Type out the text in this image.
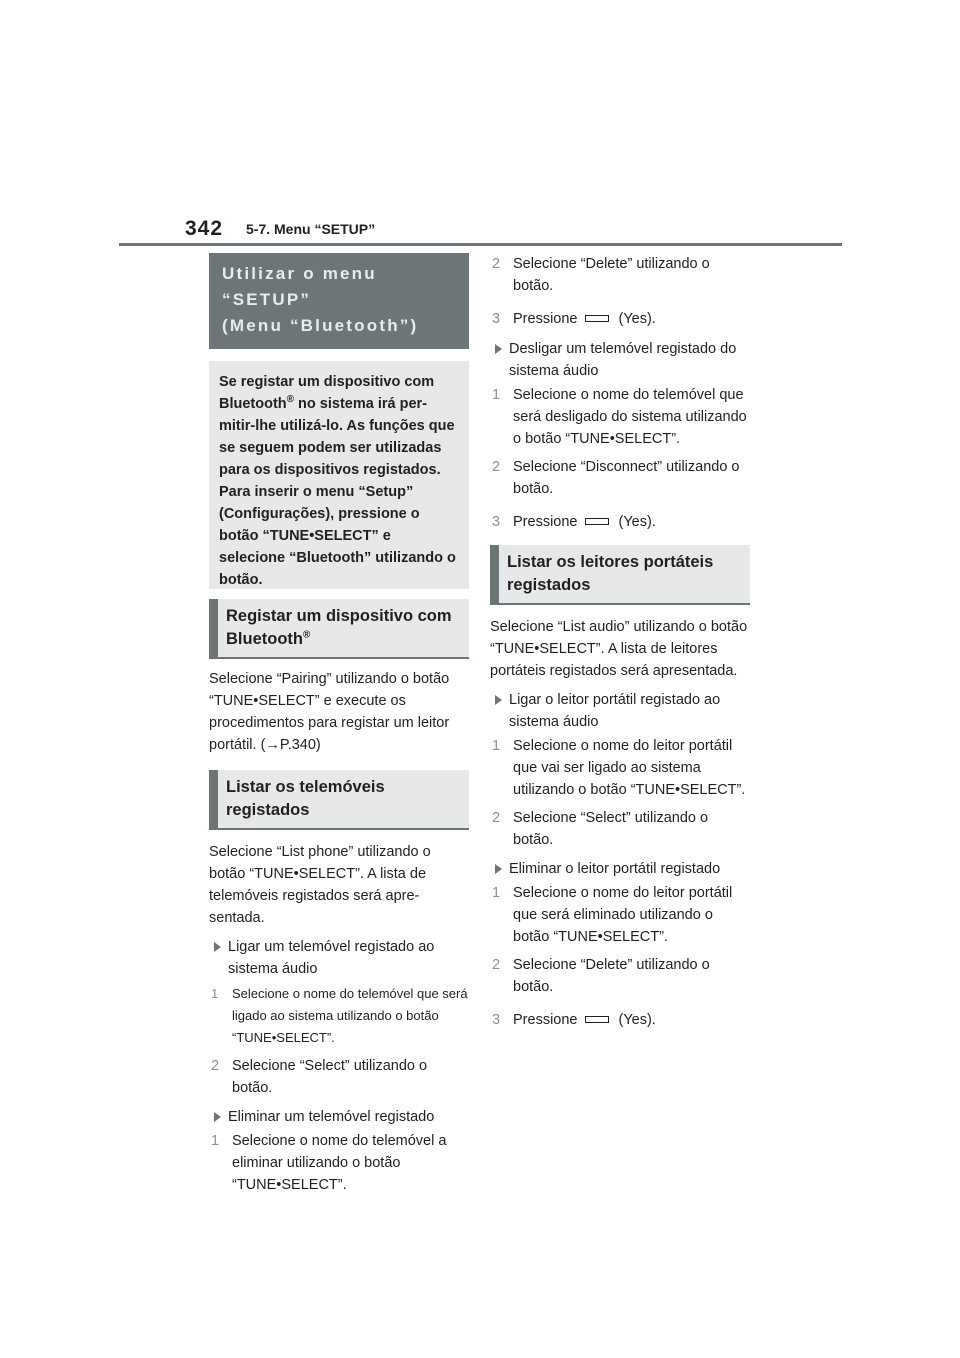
342 5-7. Menu “SETUP”
Utilizar o menu “SETUP”
(Menu “Bluetooth”)
Se registar um dispositivo com Bluetooth® no sistema irá permitir-lhe utilizá-lo. As funções que se seguem podem ser utilizadas para os dispositivos registados. Para inserir o menu “Setup” (Configurações), pressione o botão “TUNE•SELECT” e selecione “Bluetooth” utilizando o botão.
Registar um dispositivo com
Bluetooth®

Selecione “Pairing” utilizando o botão “TUNE•SELECT” e execute os procedimentos para registar um leitor portátil. (→P.340)

Listar os telemóveis registados

Selecione “List phone” utilizando o botão “TUNE•SELECT”. A lista de telemóveis registados será apresentada.

Ligar um telemóvel registado ao sistema áudio
1 Selecione o nome do telemóvel que será ligado ao sistema utilizando o botão “TUNE•SELECT”.
2 Selecione “Select” utilizando o botão.
Eliminar um telemóvel registado
1 Selecione o nome do telemóvel a eliminar utilizando o botão “TUNE•SELECT”.
2 Selecione “Delete” utilizando o botão.
3 Pressione	(Yes).
Desligar um telemóvel registado do sistema áudio
1 Selecione o nome do telemóvel que será desligado do sistema utilizando o botão “TUNE•SELECT”.
2 Selecione “Disconnect” utilizando o botão.
3 Pressione	(Yes).
Listar os leitores portáteis registados

Selecione “List audio” utilizando o botão “TUNE•SELECT”. A lista de leitores portáteis registados será apresentada.

Ligar o leitor portátil registado ao sistema áudio
1 Selecione o nome do leitor portátil que vai ser ligado ao sistema utilizando o botão “TUNE•SELECT”.
2 Selecione “Select” utilizando o botão.
Eliminar o leitor portátil registado
1 Selecione o nome do leitor portátil que será eliminado utilizando o botão “TUNE•SELECT”.
2 Selecione “Delete” utilizando o botão.
3 Pressione	(Yes).
